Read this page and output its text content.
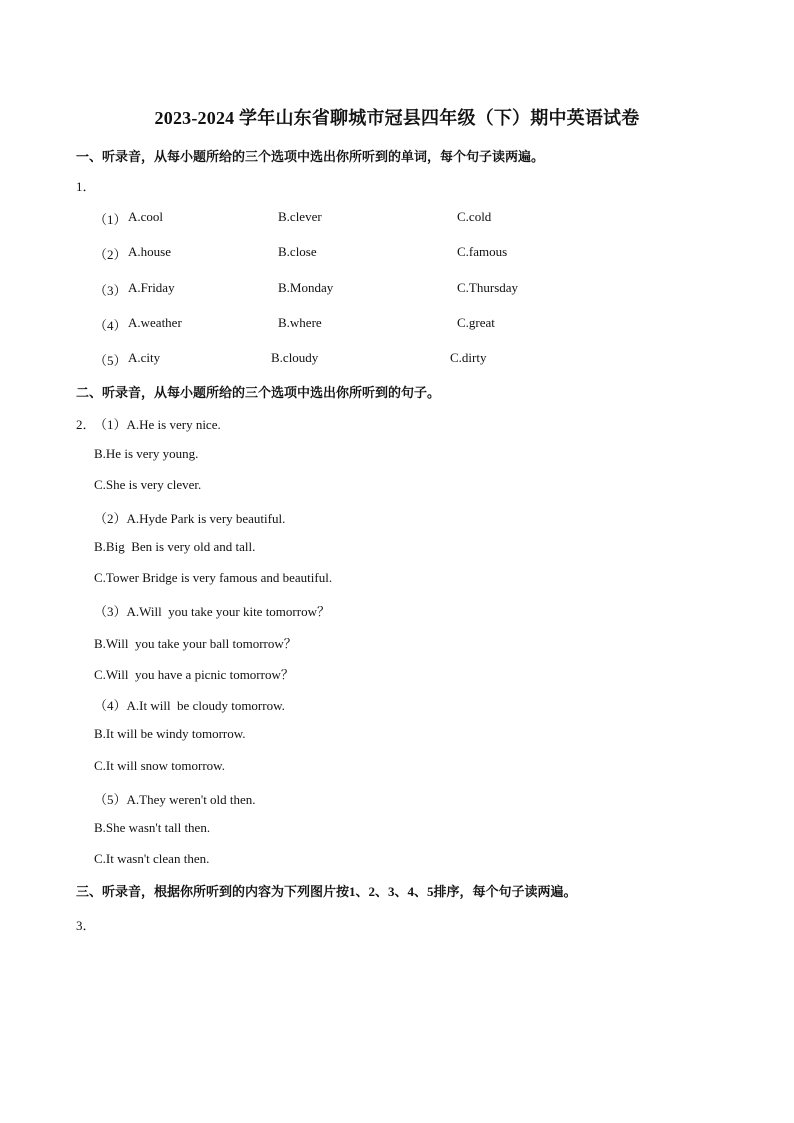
2023-2024 学年山东省聊城市冠县四年级（下）期中英语试卷
一、听录音，从每小题所给的三个选项中选出你所听到的单词，每个句子读两遍。
1．
（1） A.cool	B.clever	C.cold
（2） A.house	B.close	C.famous
（3） A.Friday	B.Monday	C.Thursday
（4） A.weather	B.where	C.great
（5） A.city	B.cloudy	C.dirty
二、听录音，从每小题所给的三个选项中选出你所听到的句子。
2．
（1）A.He is very nice.
B.He is very young.
C.She is very clever.
（2）A.Hyde Park is very beautiful.
B.Big  Ben is very old and tall.
C.Tower Bridge is very famous and beautiful.
（3）A.Will  you take your kite tomorrow？
B.Will  you take your ball tomorrow？
C.Will  you have a picnic tomorrow？
（4）A.It will  be cloudy tomorrow.
B.It will be windy tomorrow.
C.It will snow tomorrow.
（5）A.They weren't old then.
B.She wasn't tall then.
C.It wasn't clean then.
三、听录音，根据你所听到的内容为下列图片按1、2、3、4、5排序，每个句子读两遍。
3．
